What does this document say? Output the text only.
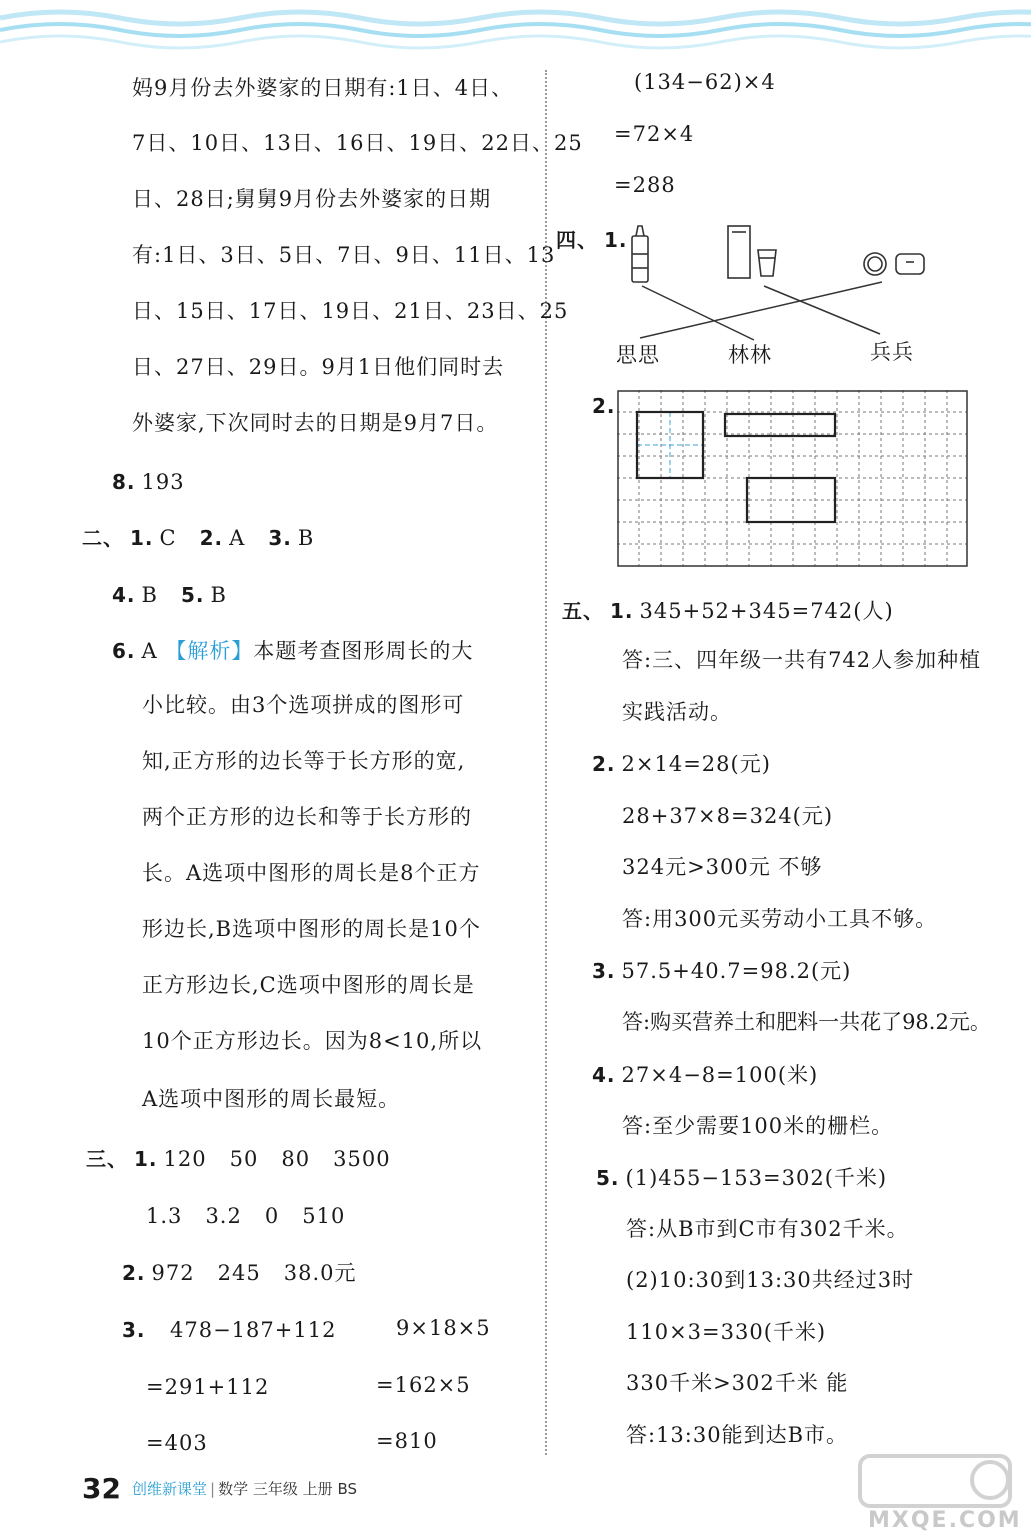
妈9月份去外婆家的日期有:1日、4日、
7日、10日、13日、16日、19日、22日、25
日、28日;舅舅9月份去外婆家的日期
有:1日、3日、5日、7日、9日、11日、13
日、15日、17日、19日、21日、23日、25
日、27日、29日。9月1日他们同时去
外婆家,下次同时去的日期是9月7日。
8. 193
二、 1. C 2. A 3. B
4. B 5. B
6. A 【解析】本题考查图形周长的大
小比较。由3个选项拼成的图形可
知,正方形的边长等于长方形的宽,
两个正方形的边长和等于长方形的
长。A选项中图形的周长是8个正方
形边长,B选项中图形的周长是10个
正方形边长,C选项中图形的周长是
10个正方形边长。因为8<10,所以
A选项中图形的周长最短。
三、 1. 120 50 80 3500
1.3 3.2 0 510
2. 972 245 38.0元
3. 478−187+112	9×18×5
=291+112	=162×5
=403	=810
(134−62)×4
=72×4
=288
四、 1.
思思	林林	兵兵
2.
五、 1. 345+52+345=742(人)
答:三、四年级一共有742人参加种植
实践活动。
2. 2×14=28(元)
28+37×8=324(元)
324元>300元 不够
答:用300元买劳动小工具不够。
3. 57.5+40.7=98.2(元)
答:购买营养土和肥料一共花了98.2元。
4. 27×4−8=100(米)
答:至少需要100米的栅栏。
5. (1)455−153=302(千米)
答:从B市到C市有302千米。
(2)10:30到13:30共经过3时
110×3=330(千米)
330千米>302千米 能
答:13:30能到达B市。
32 创维新课堂 | 数学 三年级 上册 BS
MXQE.COM
